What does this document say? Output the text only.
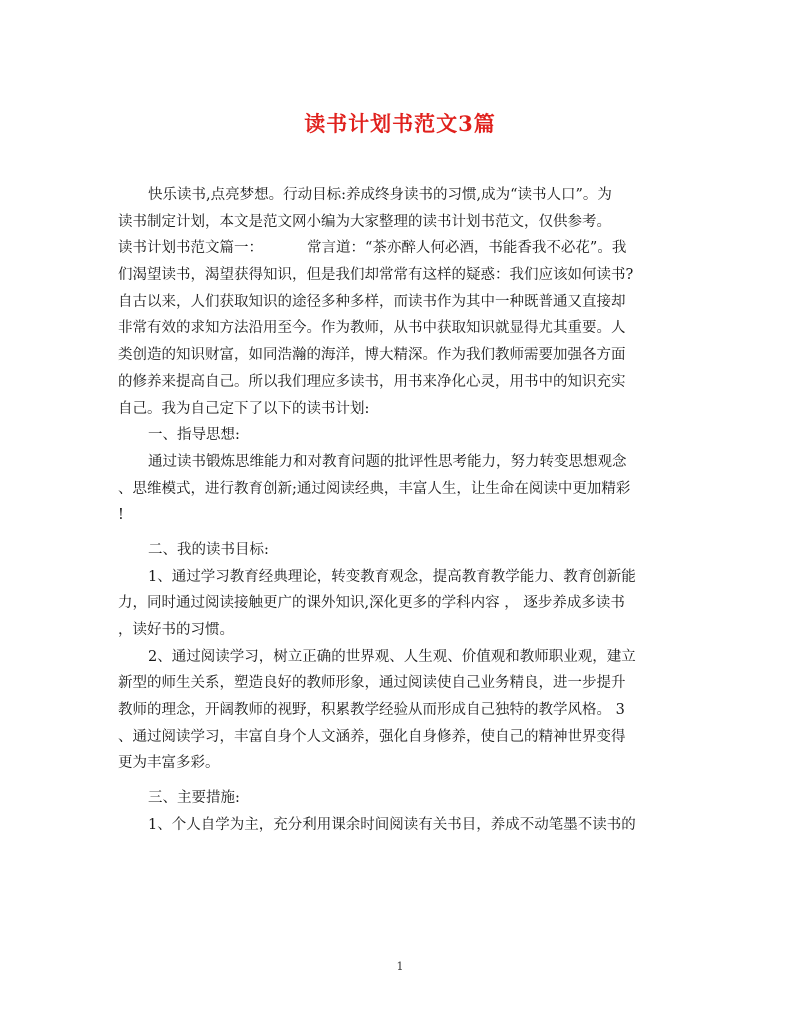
读书计划书范文3篇
快乐读书,点亮梦想。行动目标:养成终身读书的习惯,成为“读书人口”。为
读书制定计划，本文是范文网小编为大家整理的读书计划书范文，仅供参考。
读书计划书范文篇一：	常言道：“茶亦醉人何必酒，书能香我不必花”。我
们渴望读书，渴望获得知识，但是我们却常常有这样的疑惑：我们应该如何读书?
自古以来，人们获取知识的途径多种多样，而读书作为其中一种既普通又直接却
非常有效的求知方法沿用至今。作为教师，从书中获取知识就显得尤其重要。人
类创造的知识财富，如同浩瀚的海洋，博大精深。作为我们教师需要加强各方面
的修养来提高自己。所以我们理应多读书，用书来净化心灵，用书中的知识充实
自己。我为自己定下了以下的读书计划:
一、指导思想:
通过读书锻炼思维能力和对教育问题的批评性思考能力，努力转变思想观念
、思维模式，进行教育创新;通过阅读经典，丰富人生，让生命在阅读中更加精彩
!
二、我的读书目标:
1、通过学习教育经典理论，转变教育观念，提高教育教学能力、教育创新能
力，同时通过阅读接触更广的课外知识,深化更多的学科内容 ， 逐步养成多读书
，读好书的习惯。
2、通过阅读学习，树立正确的世界观、人生观、价值观和教师职业观，建立
新型的师生关系，塑造良好的教师形象，通过阅读使自己业务精良，进一步提升
教师的理念，开阔教师的视野，积累教学经验从而形成自己独特的教学风格。 3
、通过阅读学习，丰富自身个人文涵养，强化自身修养，使自己的精神世界变得
更为丰富多彩。
三、主要措施:
1、个人自学为主，充分利用课余时间阅读有关书目，养成不动笔墨不读书的
1
